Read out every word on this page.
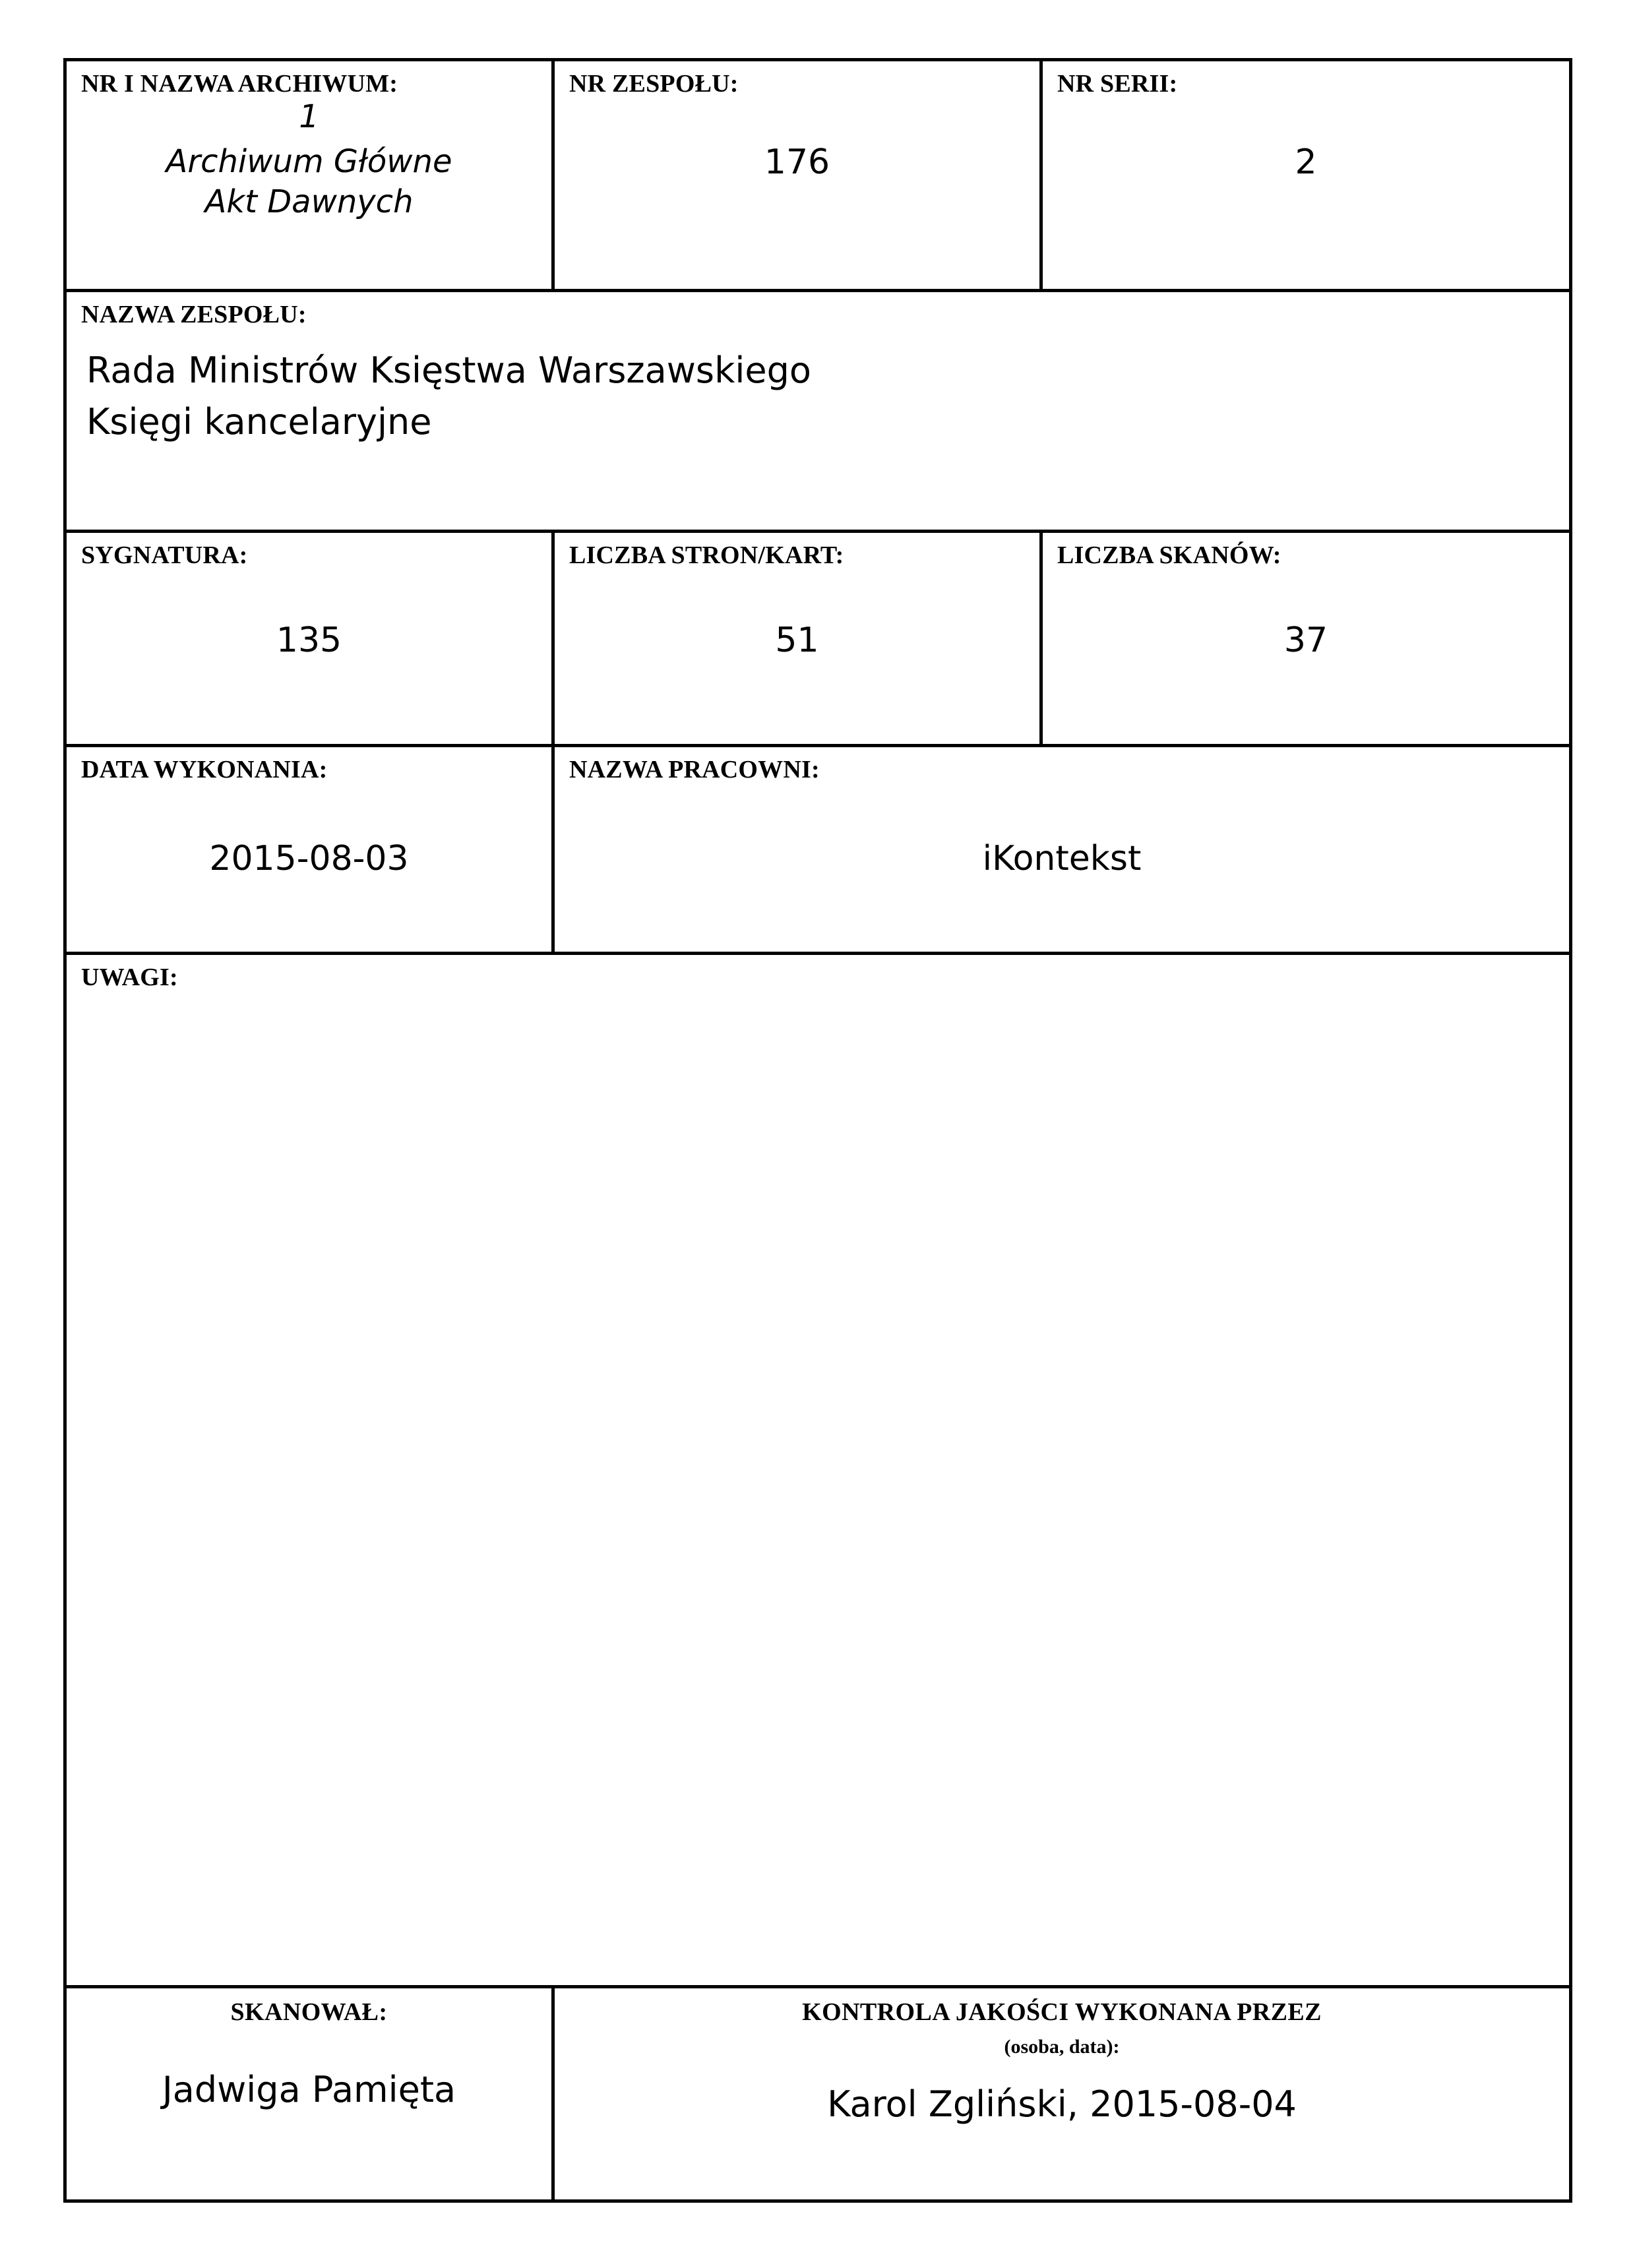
NR I NAZWA ARCHIWUM:
1
Archiwum Główne
Akt Dawnych
NR ZESPOŁU:
176
NR SERII:
2
NAZWA ZESPOŁU:
Rada Ministrów Księstwa Warszawskiego
Księgi kancelaryjne
SYGNATURA:
135
LICZBA STRON/KART:
51
LICZBA SKANÓW:
37
DATA WYKONANIA:
2015-08-03
NAZWA PRACOWNI:
iKontekst
UWAGI:
SKANOWAŁ:
Jadwiga Pamięta
KONTROLA JAKOŚCI WYKONANA PRZEZ
(osoba, data):
Karol Zgliński, 2015-08-04
